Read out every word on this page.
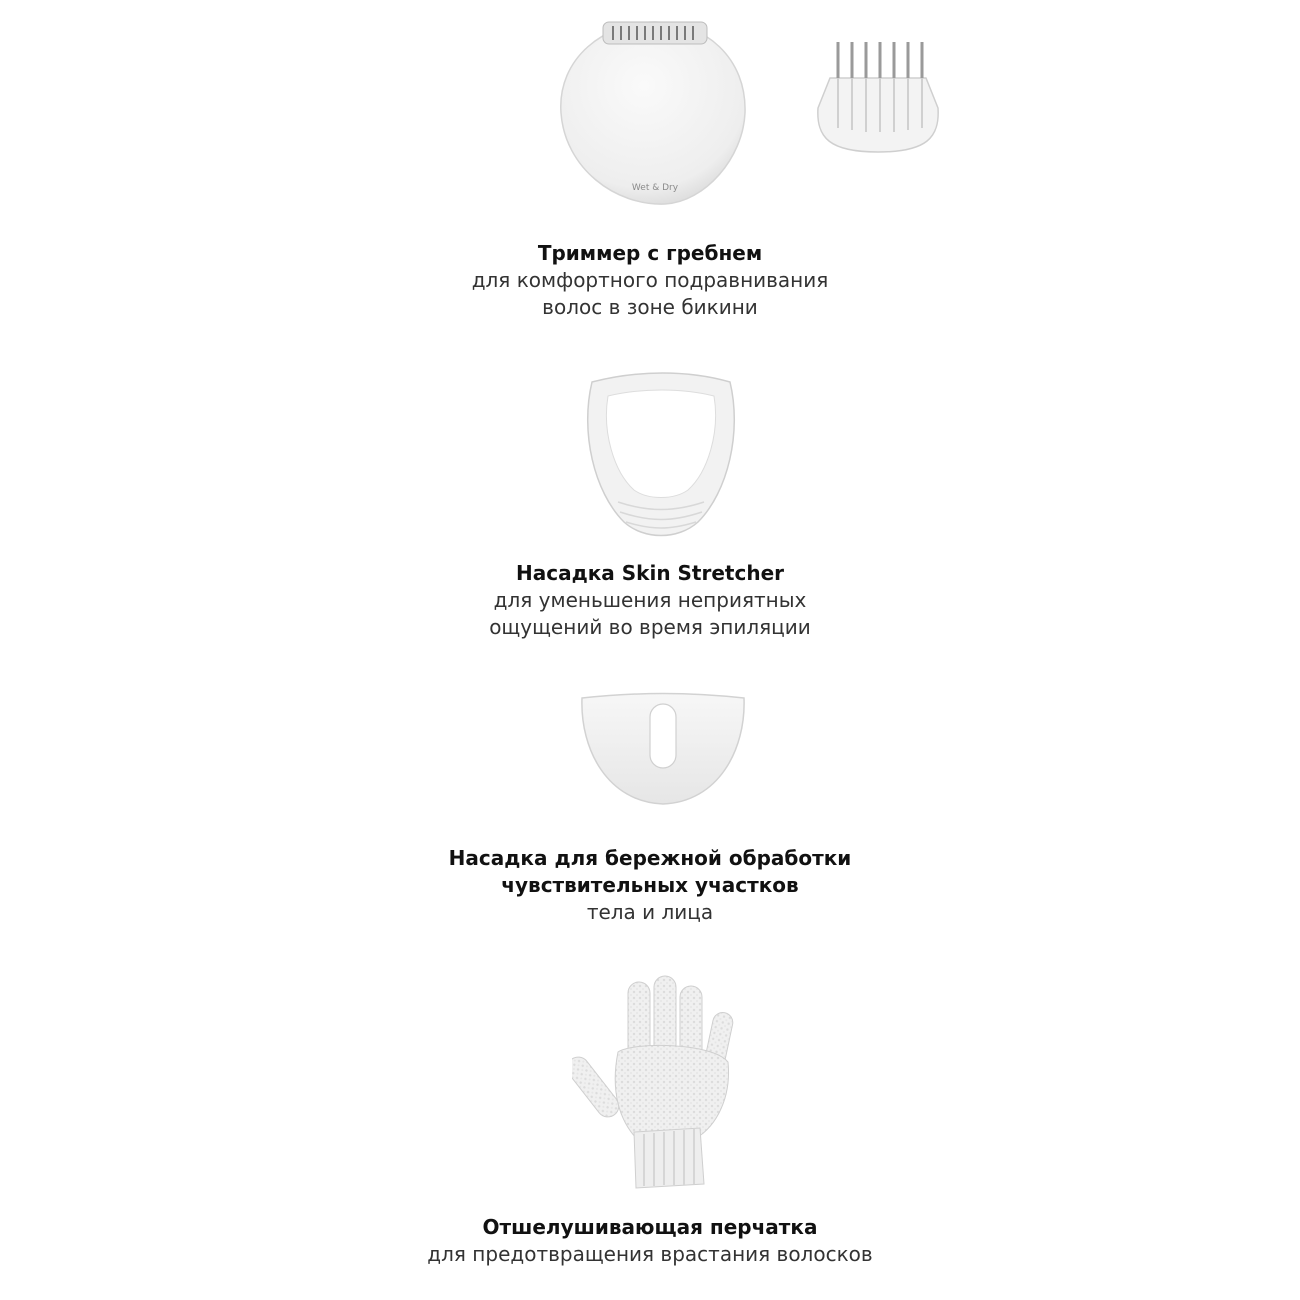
Wet & Dry
Триммер с гребнем
для комфортного подравнивания
волос в зоне бикини
Насадка Skin Stretcher
для уменьшения неприятных
ощущений во время эпиляции
Насадка для бережной обработки
чувствительных участков
тела и лица
Отшелушивающая перчатка
для предотвращения врастания волосков
